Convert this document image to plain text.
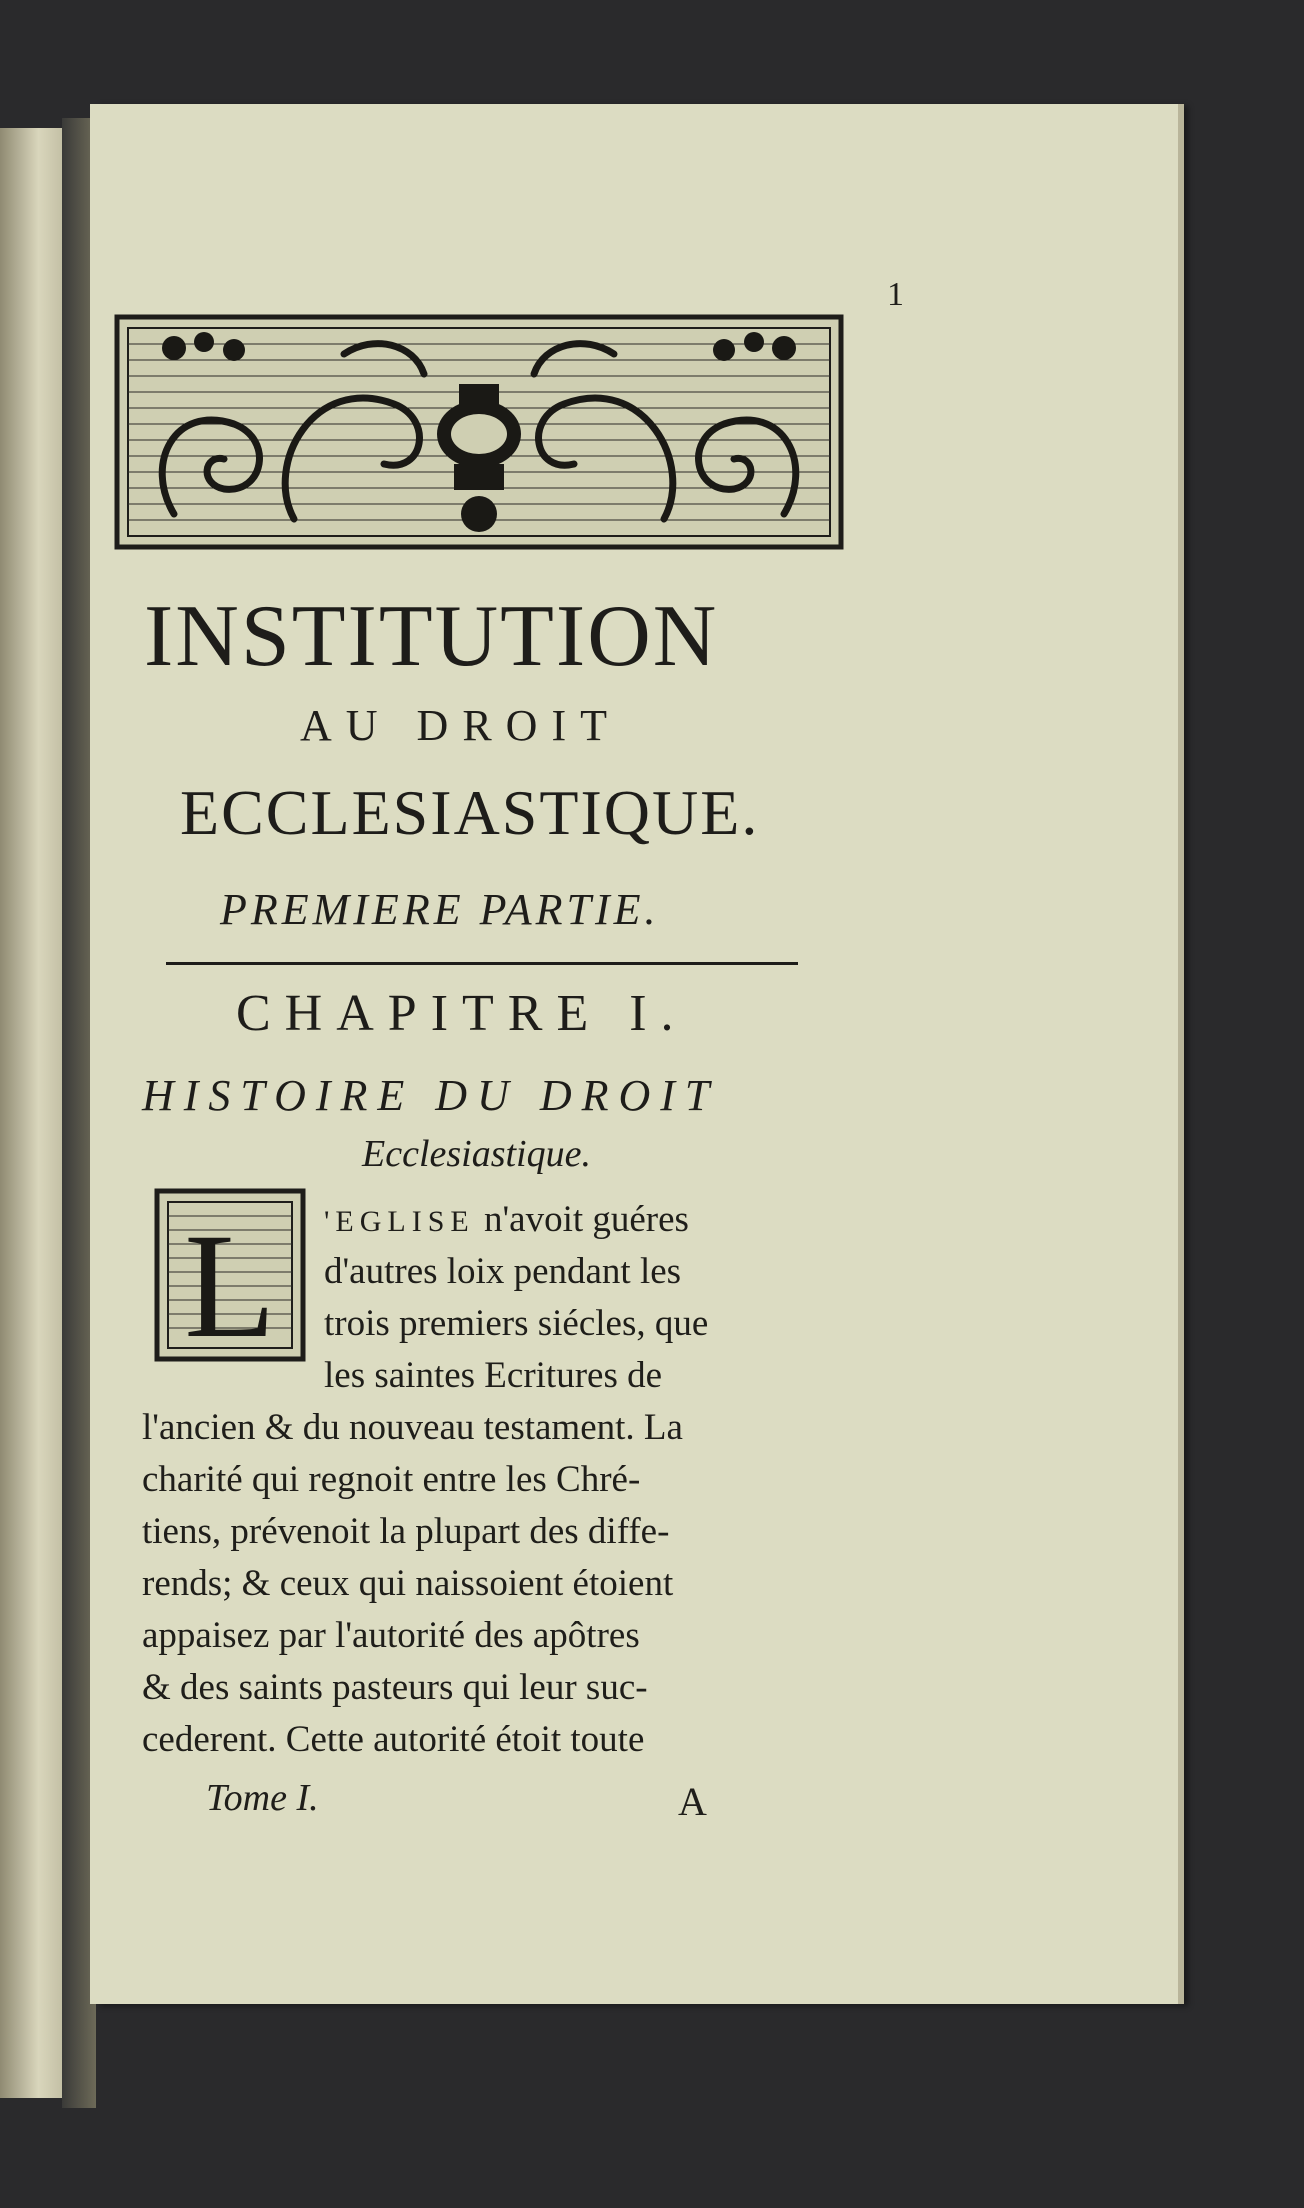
1
INSTITUTION
AU DROIT
ECCLESIASTIQUE.
PREMIERE PARTIE.
CHAPITRE I.
HISTOIRE DU DROIT
Ecclesiastique.
L 'EGLISE n'avoit guéres
d'autres loix pendant les
trois premiers siécles, que
les saintes Ecritures de
l'ancien & du nouveau testament. La
charité qui regnoit entre les Chré-
tiens, prévenoit la plupart des diffe-
rends; & ceux qui naissoient étoient
appaisez par l'autorité des apôtres
& des saints pasteurs qui leur suc-
Tome I.	A
cederent. Cette autorité étoit toute
